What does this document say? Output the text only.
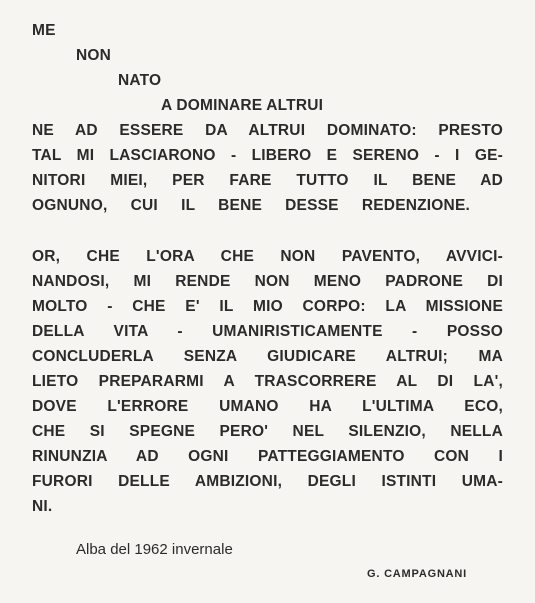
ME

NON

NATO

A DOMINARE ALTRUI

NE AD ESSERE DA ALTRUI DOMINATO: PRESTO

TAL MI LASCIARONO - LIBERO E SERENO - I GE-

NITORI MIEI, PER FARE TUTTO IL BENE AD

OGNUNO, CUI IL BENE DESSE REDENZIONE.

OR, CHE L'ORA CHE NON PAVENTO, AVVICI-

NANDOSI, MI RENDE NON MENO PADRONE DI

MOLTO - CHE E' IL MIO CORPO: LA MISSIONE

DELLA VITA - UMANIRISTICAMENTE - POSSO

CONCLUDERLA SENZA GIUDICARE ALTRUI; MA

LIETO PREPARARMI A TRASCORRERE AL DI LA',

DOVE L'ERRORE UMANO HA L'ULTIMA ECO,

CHE SI SPEGNE PERO' NEL SILENZIO, NELLA

RINUNZIA AD OGNI PATTEGGIAMENTO CON I

FURORI DELLE AMBIZIONI, DEGLI ISTINTI UMA-

NI.

Alba del 1962 invernale

G. CAMPAGNANI
